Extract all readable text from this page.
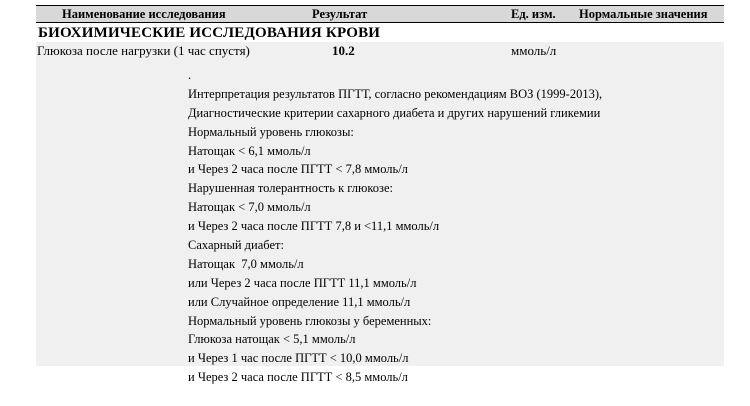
Наименование исследования	Результат	Ед. изм. Нормальные значения
БИОХИМИЧЕСКИЕ ИССЛЕДОВАНИЯ КРОВИ
Глюкоза после нагрузки (1 час спустя)	10.2	ммоль/л
.
Интерпретация результатов ПГТТ, согласно рекомендациям ВОЗ (1999-2013),
Диагностические критерии сахарного диабета и других нарушений гликемии
Нормальный уровень глюкозы:
Натощак < 6,1 ммоль/л
и Через 2 часа после ПГТТ < 7,8 ммоль/л
Нарушенная толерантность к глюкозе:
Натощак < 7,0 ммоль/л
и Через 2 часа после ПГТТ 7,8 и <11,1 ммоль/л
Сахарный диабет:
Натощак  7,0 ммоль/л
или Через 2 часа после ПГТТ 11,1 ммоль/л
или Случайное определение 11,1 ммоль/л
Нормальный уровень глюкозы у беременных:
Глюкоза натощак < 5,1 ммоль/л
и Через 1 час после ПГТТ < 10,0 ммоль/л
и Через 2 часа после ПГТТ < 8,5 ммоль/л
